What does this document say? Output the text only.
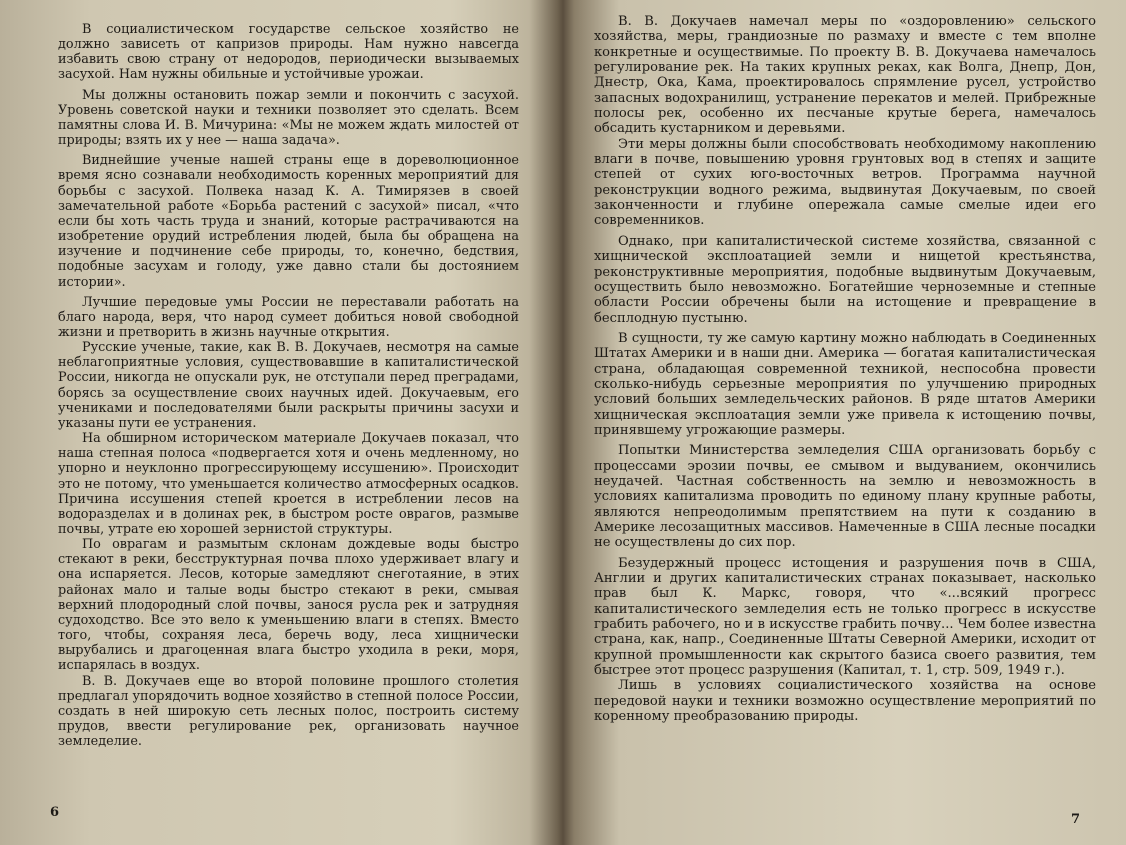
В социалистическом государстве сельское хозяйство не должно зависеть от капризов природы. Нам нужно навсегда избавить свою страну от недородов, периодически вызываемых засухой. Нам нужны обильные и устойчивые урожаи.

Мы должны остановить пожар земли и покончить с засухой. Уровень советской науки и техники позволяет это сделать. Всем памятны слова И. В. Мичурина: «Мы не можем ждать милостей от природы; взять их у нее — наша задача».

Виднейшие ученые нашей страны еще в дореволюционное время ясно сознавали необходимость коренных мероприятий для борьбы с засухой. Полвека назад К. А. Тимирязев в своей замечательной работе «Борьба растений с засухой» писал, «что если бы хоть часть труда и знаний, которые растрачиваются на изобретение орудий истребления людей, была бы обращена на изучение и подчинение себе природы, то, конечно, бедствия, подобные засухам и голоду, уже давно стали бы достоянием истории».

Лучшие передовые умы России не переставали работать на благо народа, веря, что народ сумеет добиться новой свободной жизни и претворить в жизнь научные открытия.

Русские ученые, такие, как В. В. Докучаев, несмотря на самые неблагоприятные условия, существовавшие в капиталистической России, никогда не опускали рук, не отступали перед преградами, борясь за осуществление своих научных идей. Докучаевым, его учениками и последователями были раскрыты причины засухи и указаны пути ее устранения.

На обширном историческом материале Докучаев показал, что наша степная полоса «подвергается хотя и очень медленному, но упорно и неуклонно прогрессирующему иссушению». Происходит это не потому, что уменьшается количество атмосферных осадков. Причина иссушения степей кроется в истреблении лесов на водоразделах и в долинах рек, в быстром росте оврагов, размыве почвы, утрате ею хорошей зернистой структуры.

По оврагам и размытым склонам дождевые воды быстро стекают в реки, бесструктурная почва плохо удерживает влагу и она испаряется. Лесов, которые замедляют снеготаяние, в этих районах мало и талые воды быстро стекают в реки, смывая верхний плодородный слой почвы, занося русла рек и затрудняя судоходство. Все это вело к уменьшению влаги в степях. Вместо того, чтобы, сохраняя леса, беречь воду, леса хищнически вырубались и драгоценная влага быстро уходила в реки, моря, испарялась в воздух.

В. В. Докучаев еще во второй половине прошлого столетия предлагал упорядочить водное хозяйство в степной полосе России, создать в ней широкую сеть лесных полос, построить систему прудов, ввести регулирование рек, организовать научное земледелие.

6

В. В. Докучаев намечал меры по «оздоровлению» сельского хозяйства, меры, грандиозные по размаху и вместе с тем вполне конкретные и осуществимые. По проекту В. В. Докучаева намечалось регулирование рек. На таких крупных реках, как Волга, Днепр, Дон, Днестр, Ока, Кама, проектировалось спрямление русел, устройство запасных водохранилищ, устранение перекатов и мелей. Прибрежные полосы рек, особенно их песчаные крутые берега, намечалось обсадить кустарником и деревьями.

Эти меры должны были способствовать необходимому накоплению влаги в почве, повышению уровня грунтовых вод в степях и защите степей от сухих юго-восточных ветров. Программа научной реконструкции водного режима, выдвинутая Докучаевым, по своей законченности и глубине опережала самые смелые идеи его современников.

Однако, при капиталистической системе хозяйства, связанной с хищнической эксплоатацией земли и нищетой крестьянства, реконструктивные мероприятия, подобные выдвинутым Докучаевым, осуществить было невозможно. Богатейшие черноземные и степные области России обречены были на истощение и превращение в бесплодную пустыню.

В сущности, ту же самую картину можно наблюдать в Соединенных Штатах Америки и в наши дни. Америка — богатая капиталистическая страна, обладающая современной техникой, неспособна провести сколько-нибудь серьезные мероприятия по улучшению природных условий больших земледельческих районов. В ряде штатов Америки хищническая эксплоатация земли уже привела к истощению почвы, принявшему угрожающие размеры.

Попытки Министерства земледелия США организовать борьбу с процессами эрозии почвы, ее смывом и выдуванием, окончились неудачей. Частная собственность на землю и невозможность в условиях капитализма проводить по единому плану крупные работы, являются непреодолимым препятствием на пути к созданию в Америке лесозащитных массивов. Намеченные в США лесные посадки не осуществлены до сих пор.

Безудержный процесс истощения и разрушения почв в США, Англии и других капиталистических странах показывает, насколько прав был К. Маркс, говоря, что «...всякий прогресс капиталистического земледелия есть не только прогресс в искусстве грабить рабочего, но и в искусстве грабить почву... Чем более известна страна, как, напр., Соединенные Штаты Северной Америки, исходит от крупной промышленности как скрытого базиса своего развития, тем быстрее этот процесс разрушения (Капитал, т. 1, стр. 509, 1949 г.).

Лишь в условиях социалистического хозяйства на основе передовой науки и техники возможно осуществление мероприятий по коренному преобразованию природы.

7
